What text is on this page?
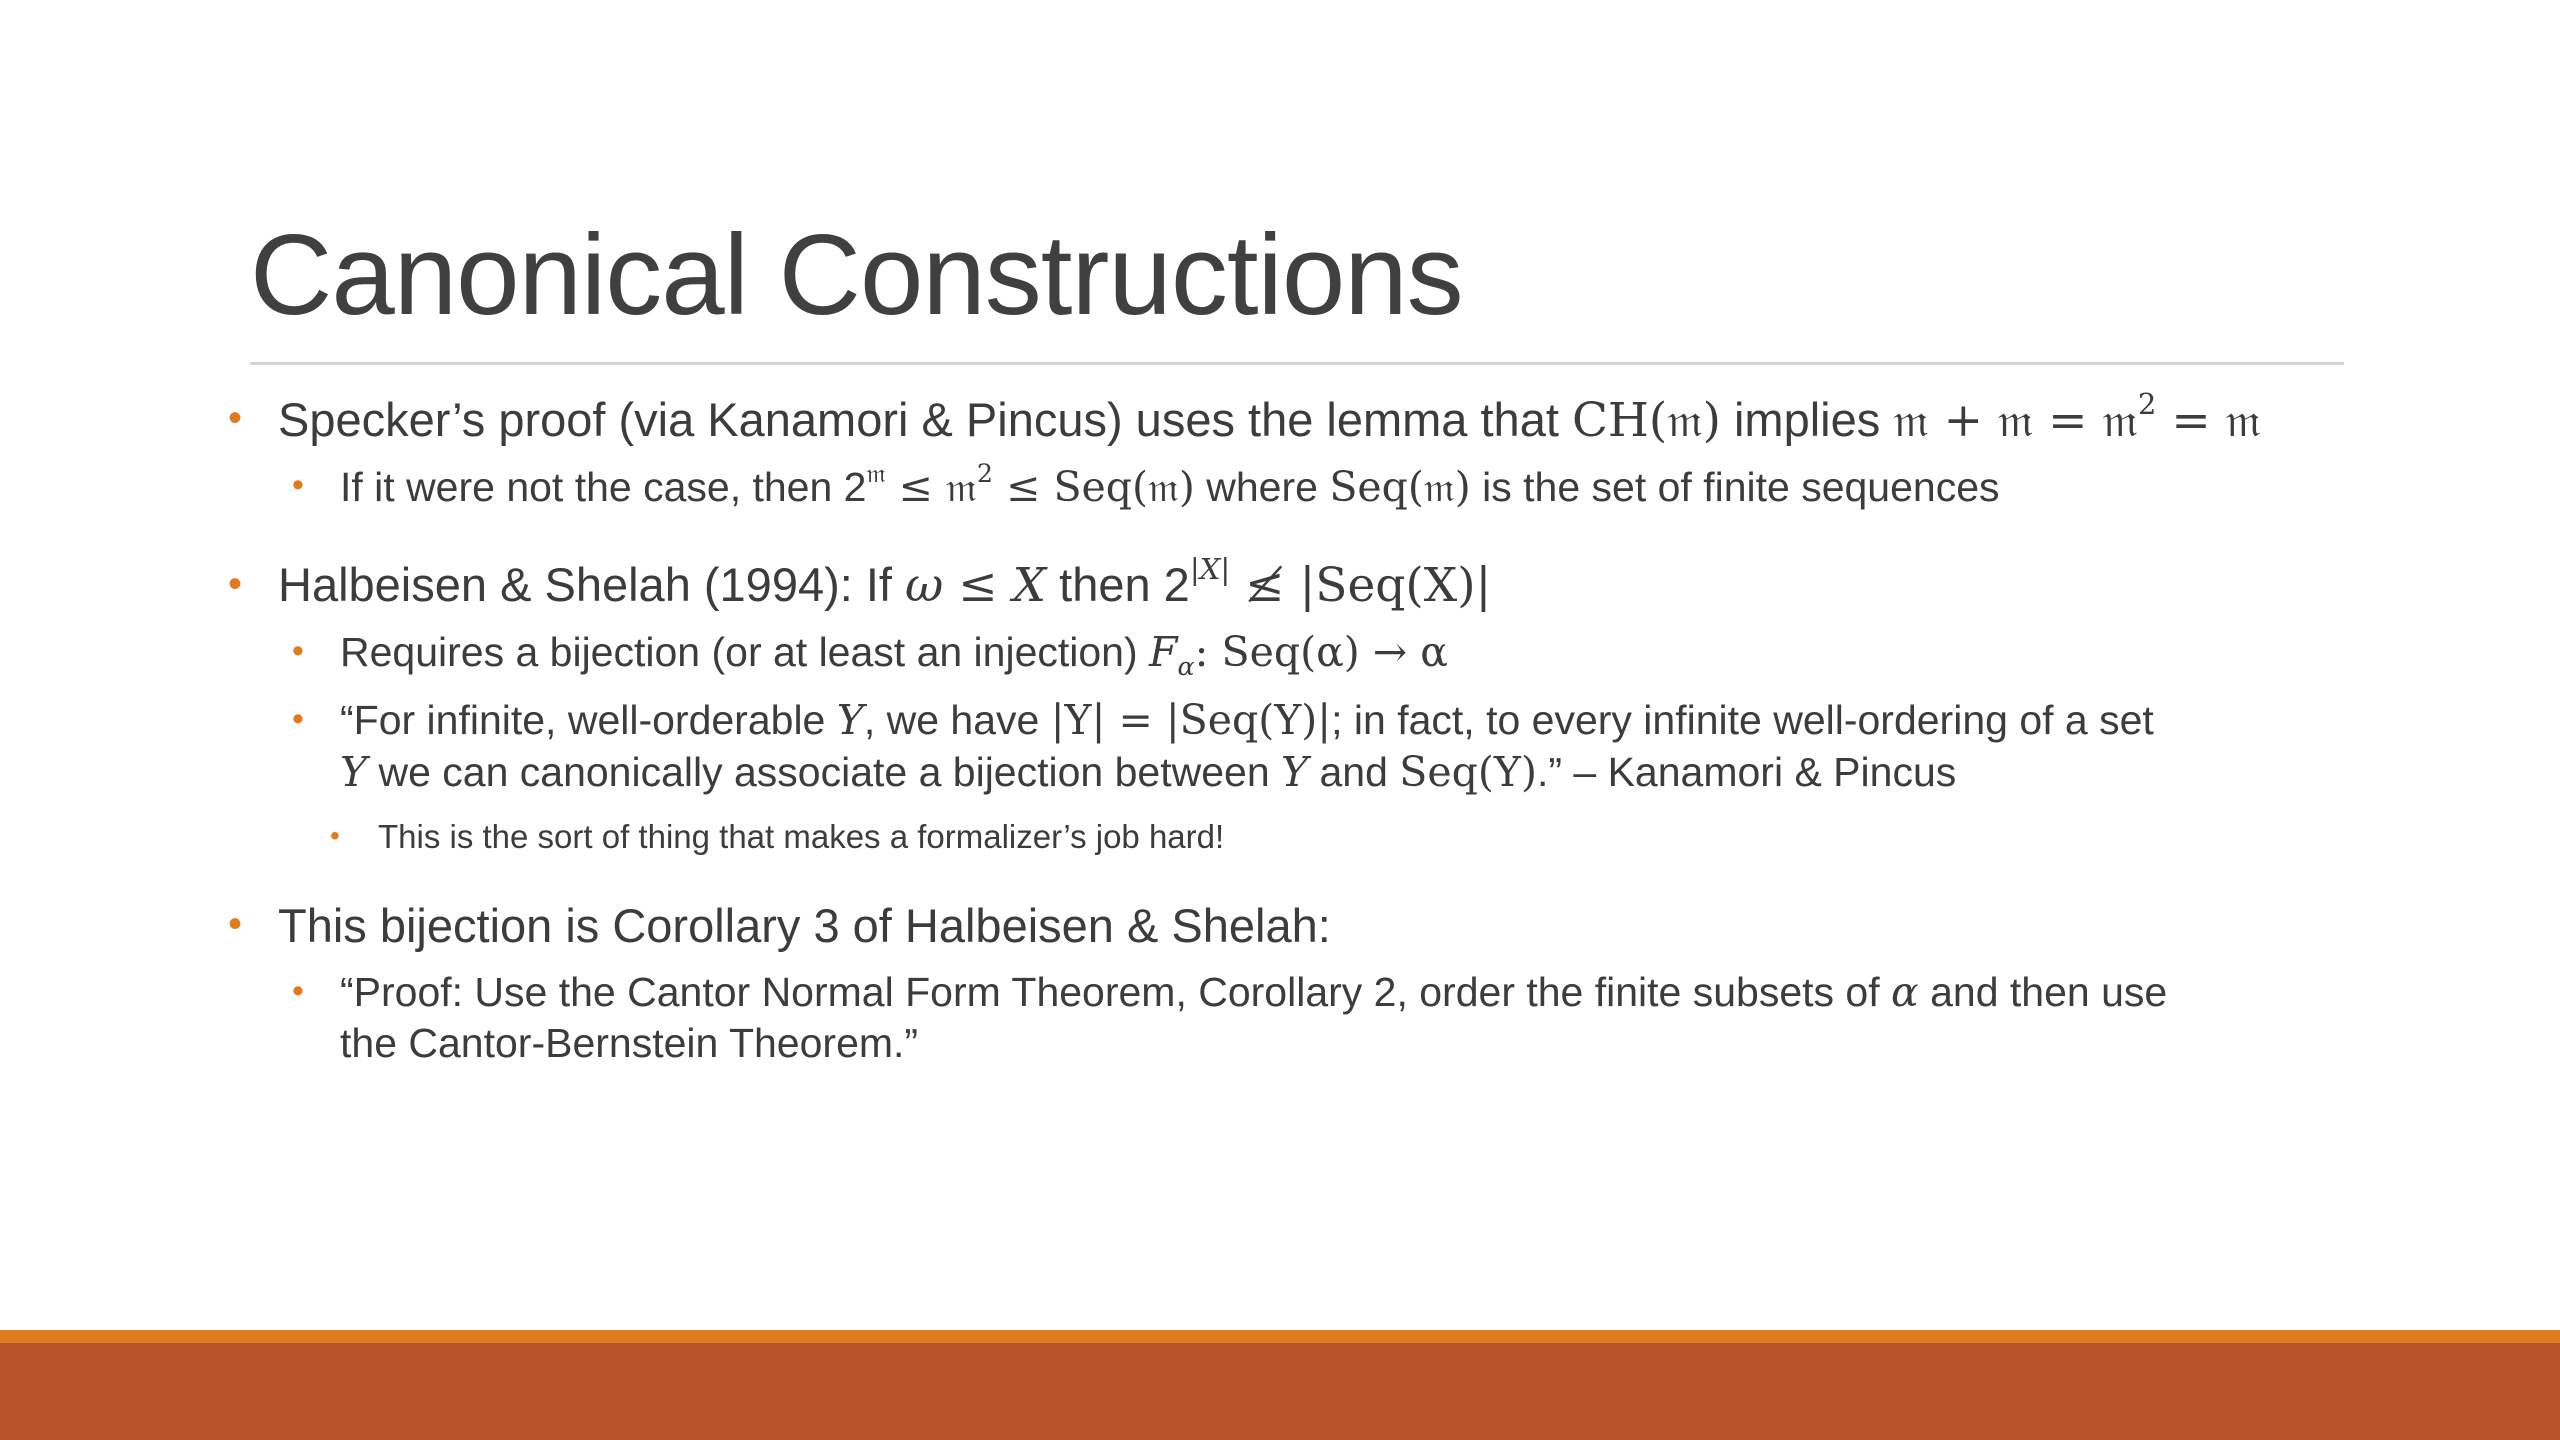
Canonical Constructions
• Specker’s proof (via Kanamori & Pincus) uses the lemma that CH(𝔪) implies 𝔪 + 𝔪 = 𝔪$^2$ = 𝔪
• If it were not the case, then $2^𝔪$ ≤ 𝔪$^2$ ≤ Seq(𝔪) where Seq(𝔪) is the set of finite sequences
• Halbeisen & Shelah (1994): If ω ≤ X then $2^{|X|}$ ≰ |Seq(X)|
• Requires a bijection (or at least an injection) $F_\alpha$: Seq(α) → α
• “For infinite, well-orderable Y, we have |Y| = |Seq(Y)|; in fact, to every infinite well-ordering of a set
Y we can canonically associate a bijection between Y and Seq(Y).” – Kanamori & Pincus
• This is the sort of thing that makes a formalizer’s job hard!
• This bijection is Corollary 3 of Halbeisen & Shelah:
• “Proof: Use the Cantor Normal Form Theorem, Corollary 2, order the finite subsets of α and then use
the Cantor-Bernstein Theorem.”
